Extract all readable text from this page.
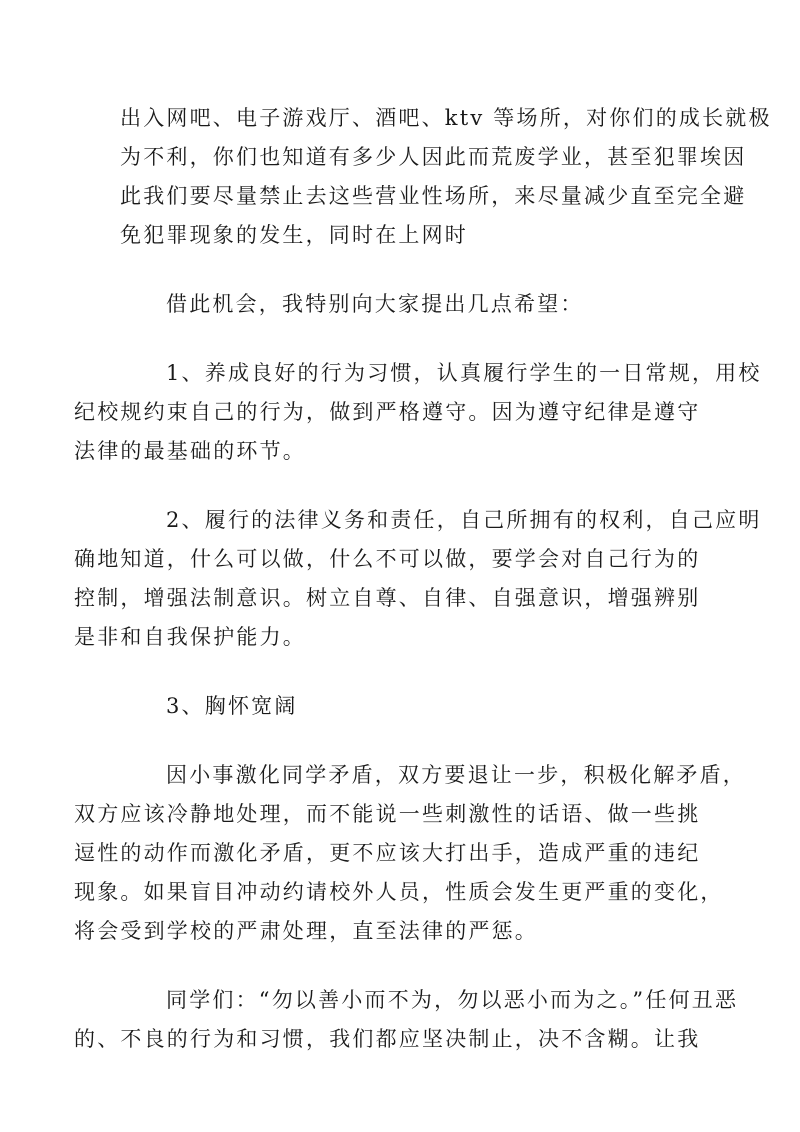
出入网吧、电子游戏厅、酒吧、ktv 等场所，对你们的成长就极
为不利，你们也知道有多少人因此而荒废学业，甚至犯罪埃因
此我们要尽量禁止去这些营业性场所，来尽量减少直至完全避
免犯罪现象的发生，同时在上网时

借此机会，我特别向大家提出几点希望：

1、养成良好的行为习惯，认真履行学生的一日常规，用校
纪校规约束自己的行为，做到严格遵守。因为遵守纪律是遵守
法律的最基础的环节。

2、履行的法律义务和责任，自己所拥有的权利，自己应明
确地知道，什么可以做，什么不可以做，要学会对自己行为的
控制，增强法制意识。树立自尊、自律、自强意识，增强辨别
是非和自我保护能力。

3、胸怀宽阔

因小事激化同学矛盾，双方要退让一步，积极化解矛盾，
双方应该冷静地处理，而不能说一些刺激性的话语、做一些挑
逗性的动作而激化矛盾，更不应该大打出手，造成严重的违纪
现象。如果盲目冲动约请校外人员，性质会发生更严重的变化，
将会受到学校的严肃处理，直至法律的严惩。

同学们：“勿以善小而不为，勿以恶小而为之。”任何丑恶
的、不良的行为和习惯，我们都应坚决制止，决不含糊。让我
